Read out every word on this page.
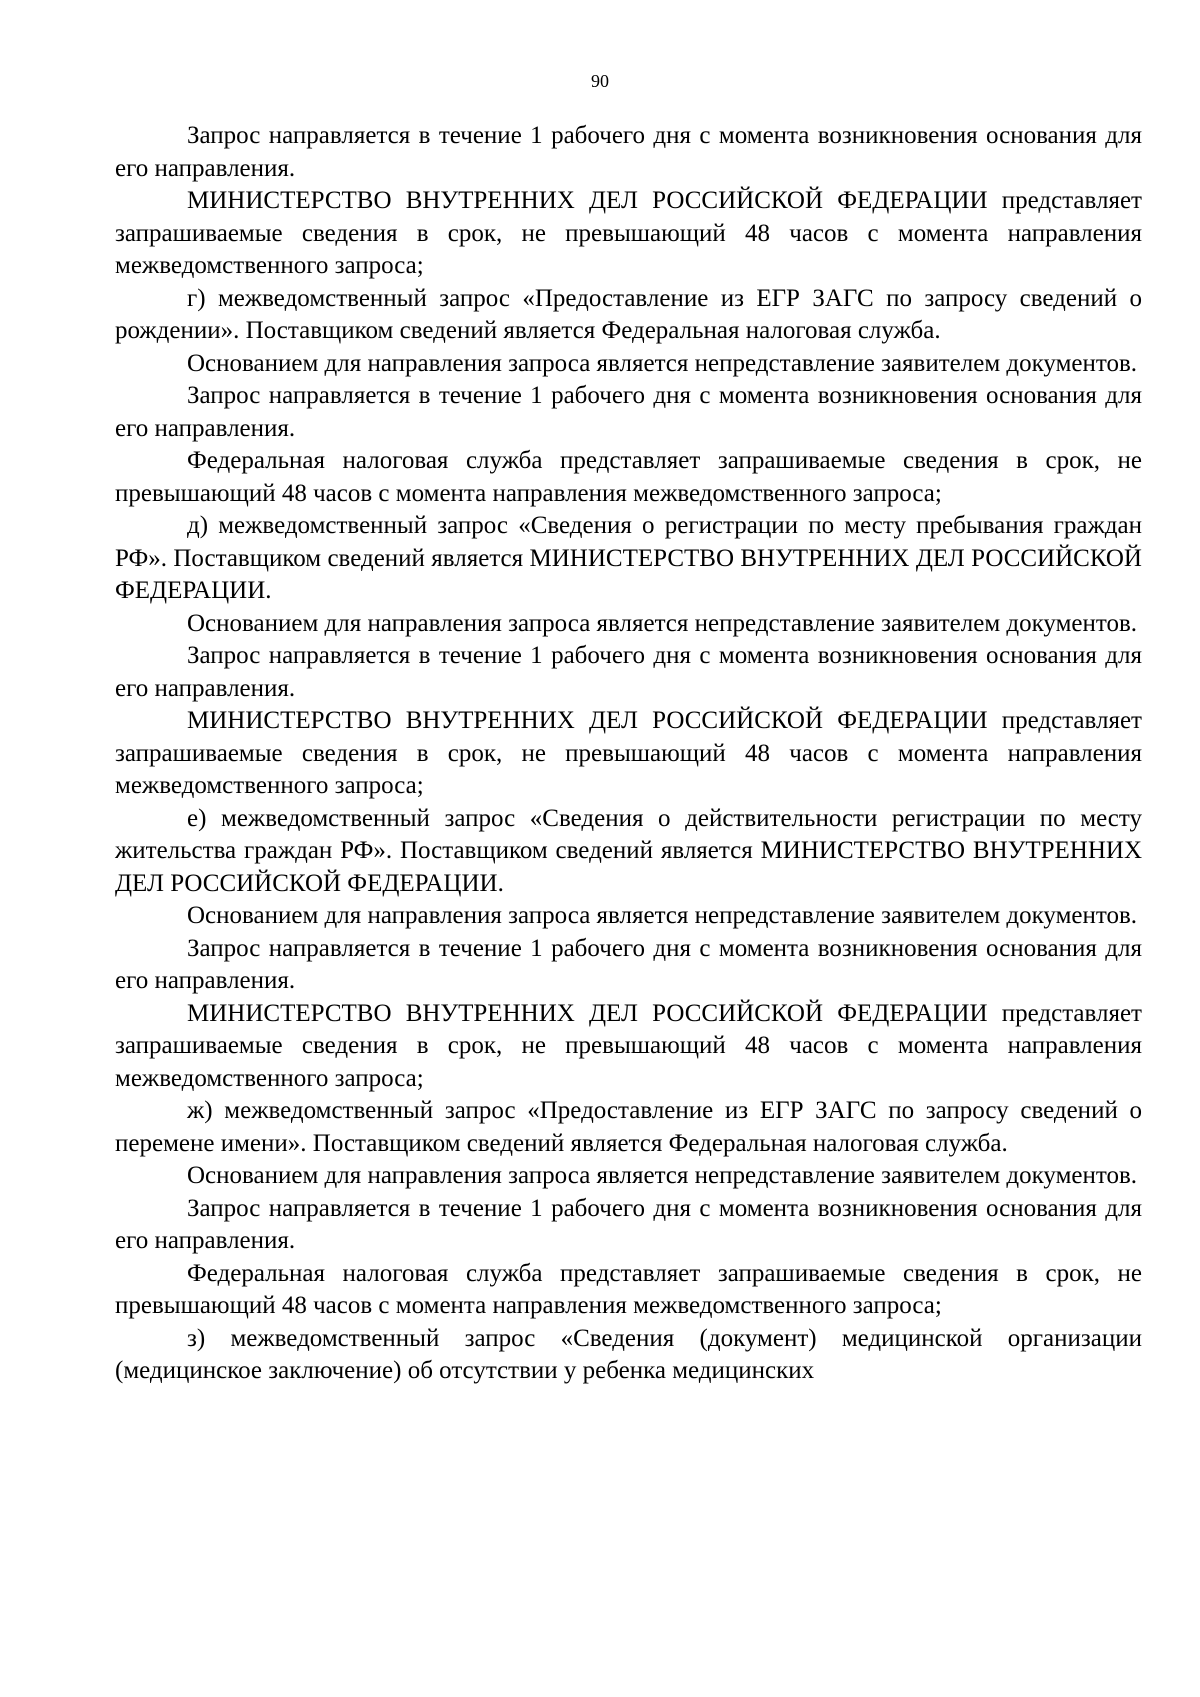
90

Запрос направляется в течение 1 рабочего дня с момента возникновения основания для его направления.

МИНИСТЕРСТВО ВНУТРЕННИХ ДЕЛ РОССИЙСКОЙ ФЕДЕРАЦИИ представляет запрашиваемые сведения в срок, не превышающий 48 часов с момента направления межведомственного запроса;

г) межведомственный запрос «Предоставление из ЕГР ЗАГС по запросу сведений о рождении». Поставщиком сведений является Федеральная налоговая служба.

Основанием для направления запроса является непредставление заявителем документов.

Запрос направляется в течение 1 рабочего дня с момента возникновения основания для его направления.

Федеральная налоговая служба представляет запрашиваемые сведения в срок, не превышающий 48 часов с момента направления межведомственного запроса;

д) межведомственный запрос «Сведения о регистрации по месту пребывания граждан РФ». Поставщиком сведений является МИНИСТЕРСТВО ВНУТРЕННИХ ДЕЛ РОССИЙСКОЙ ФЕДЕРАЦИИ.

Основанием для направления запроса является непредставление заявителем документов.

Запрос направляется в течение 1 рабочего дня с момента возникновения основания для его направления.

МИНИСТЕРСТВО ВНУТРЕННИХ ДЕЛ РОССИЙСКОЙ ФЕДЕРАЦИИ представляет запрашиваемые сведения в срок, не превышающий 48 часов с момента направления межведомственного запроса;

е) межведомственный запрос «Сведения о действительности регистрации по месту жительства граждан РФ». Поставщиком сведений является МИНИСТЕРСТВО ВНУТРЕННИХ ДЕЛ РОССИЙСКОЙ ФЕДЕРАЦИИ.

Основанием для направления запроса является непредставление заявителем документов.

Запрос направляется в течение 1 рабочего дня с момента возникновения основания для его направления.

МИНИСТЕРСТВО ВНУТРЕННИХ ДЕЛ РОССИЙСКОЙ ФЕДЕРАЦИИ представляет запрашиваемые сведения в срок, не превышающий 48 часов с момента направления межведомственного запроса;

ж) межведомственный запрос «Предоставление из ЕГР ЗАГС по запросу сведений о перемене имени». Поставщиком сведений является Федеральная налоговая служба.

Основанием для направления запроса является непредставление заявителем документов.

Запрос направляется в течение 1 рабочего дня с момента возникновения основания для его направления.

Федеральная налоговая служба представляет запрашиваемые сведения в срок, не превышающий 48 часов с момента направления межведомственного запроса;

з) межведомственный запрос «Сведения (документ) медицинской организации (медицинское заключение) об отсутствии у ребенка медицинских
